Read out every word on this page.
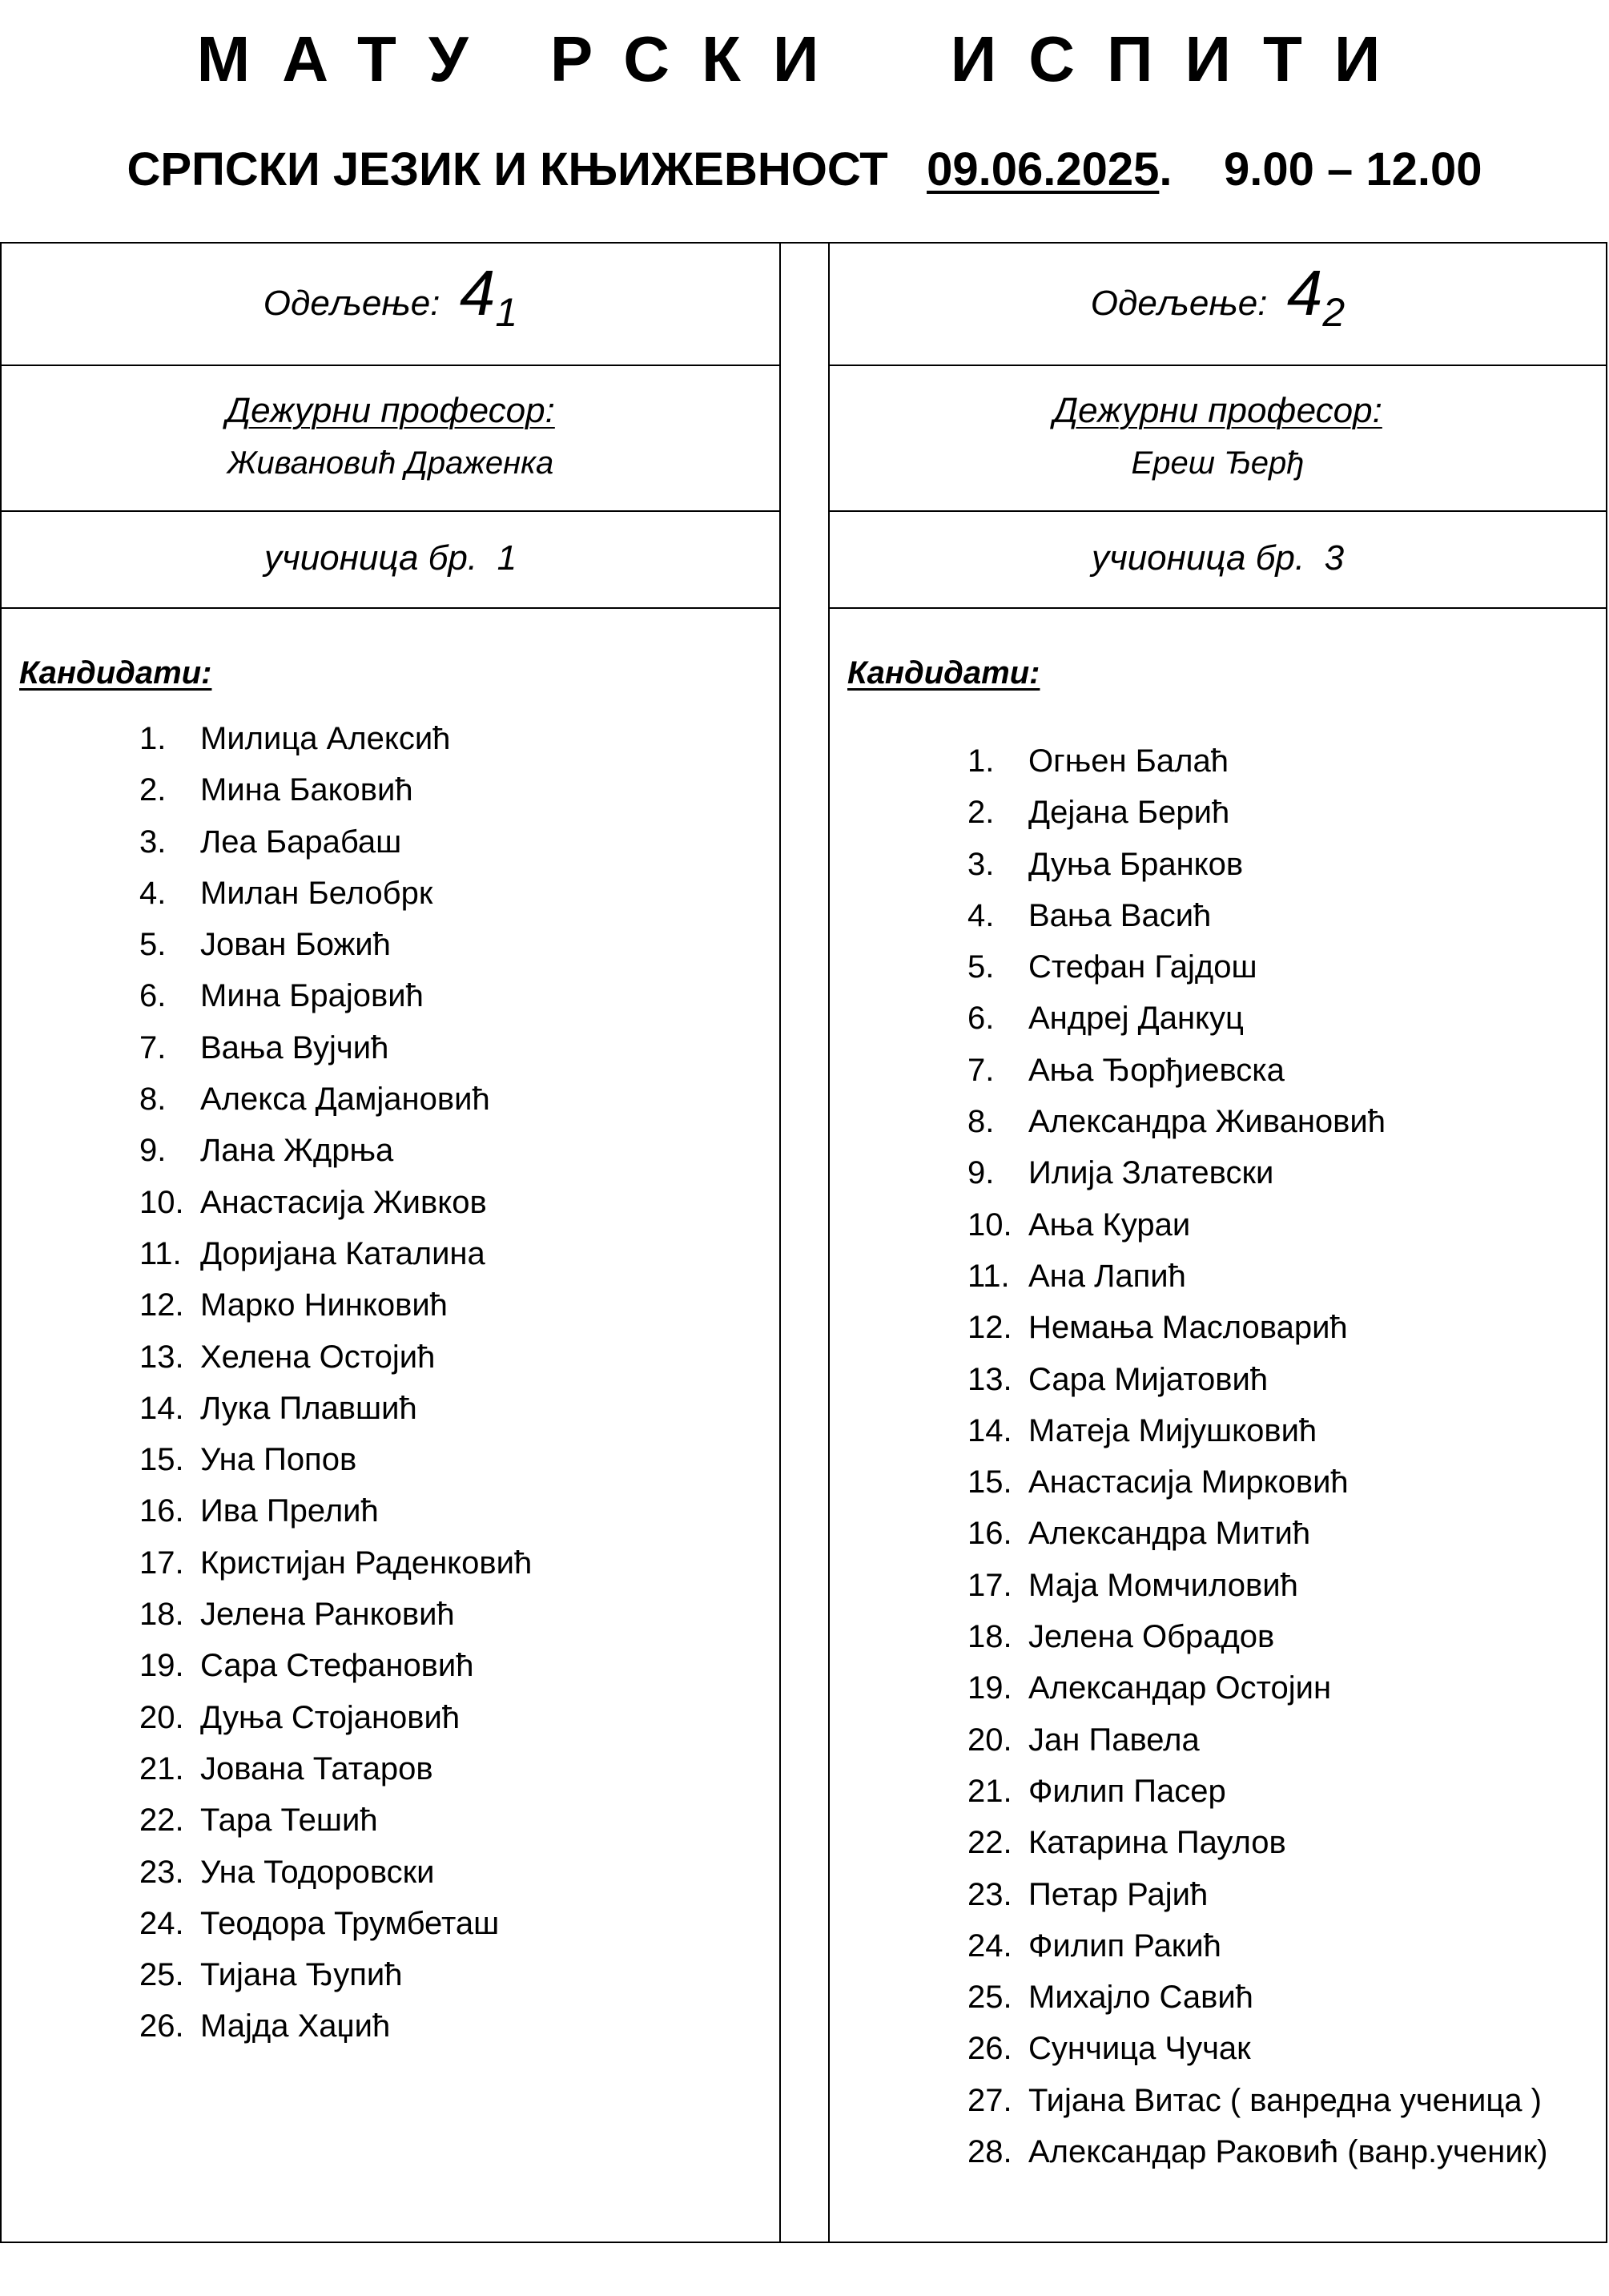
МАТУ РСКИ  ИСПИТИ
СРПСКИ ЈЕЗИК И КЊИЖЕВНОСТ 09.06.2025. 9.00 – 12.00
Одељење: $4_1$
Дежурни професор:
Живановић Драженка
учионица бр.  1
Кандидати:
1.	Милица Алексић
2.	Мина Баковић
3.	Леа Барабаш
4.	Милан Белобрк
5.	Јован Божић
6.	Мина Брајовић
7.	Вања Вујчић
8.	Алекса Дамјановић
9.	Лана Ждрња
10. Анастасија Живков
11. Доријана Каталина
12. Марко Нинковић
13. Хелена Остојић
14. Лука Плавшић
15. Уна Попов
16. Ива Прелић
17. Кристијан Раденковић
18. Јелена Ранковић
19. Сара Стефановић
20. Дуња Стојановић
21. Јована Татаров
22. Тара Тешић
23. Уна Тодоровски
24. Теодора Трумбеташ
25. Тијана Ђупић
26. Мајда Хаџић
Одељење: $4_2$
Дежурни професор:
Ереш Ђерђ
учионица бр.  3
Кандидати:
1.	Огњен Балаћ
2.	Дејана Берић
3.	Дуња Бранков
4.	Вања Васић
5.	Стефан Гајдош
6.	Андреј Данкуц
7.	Ања Ђорђиевска
8.	Александра Живановић
9.	Илија Златевски
10. Ања Кураи
11. Ана Лапић
12. Немања Масловарић
13. Сара Мијатовић
14. Матеја Мијушковић
15. Анастасија Мирковић
16. Александра Митић
17. Маја Момчиловић
18. Јелена Обрадов
19. Александар Остојин
20. Јан Павела
21. Филип Пасер
22. Катарина Паулов
23. Петар Рајић
24. Филип Ракић
25. Михајло Савић
26. Сунчица Чучак
27. Тијана Витас ( ванредна ученица )
28. Александар Раковић (ванр.ученик)
